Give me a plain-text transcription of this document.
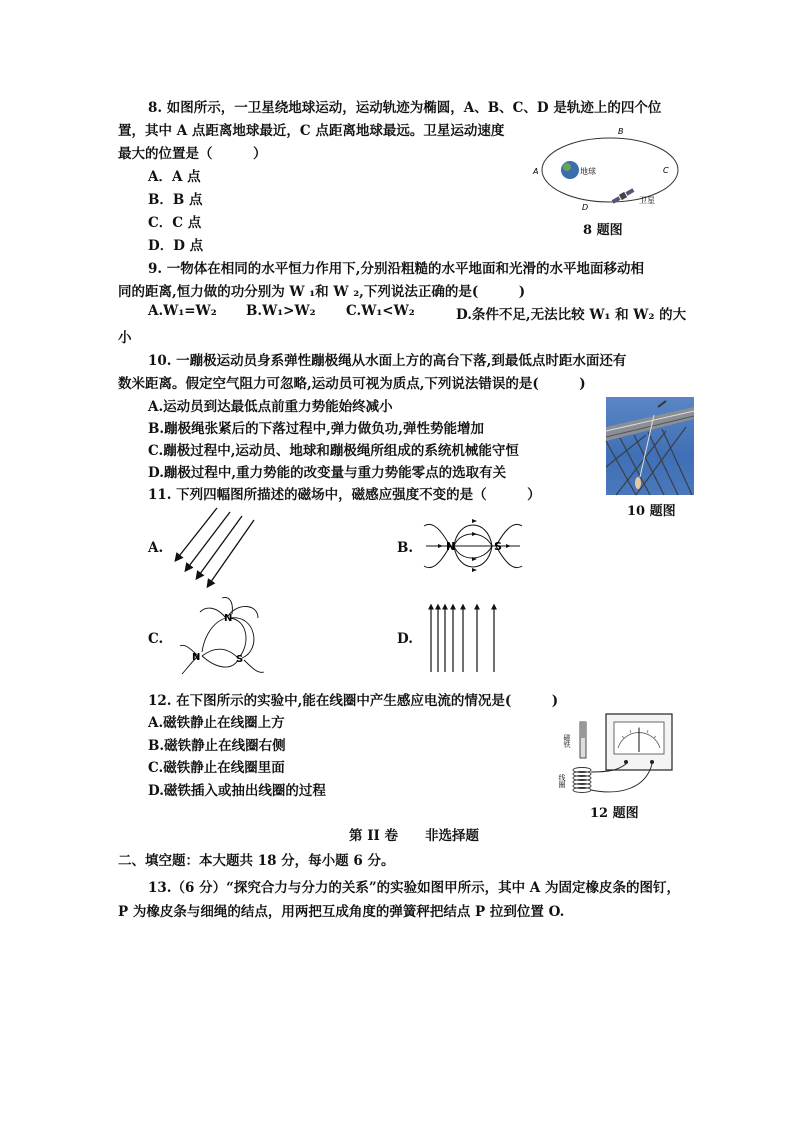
8. 如图所示，一卫星绕地球运动，运动轨迹为椭圆，A、B、C、D 是轨迹上的四个位
置，其中 A 点距离地球最近，C 点距离地球最远。卫星运动速度
最大的位置是（　　　）
A．A 点
B．B 点
C．C 点
D．D 点
A
B
C
D
地球
卫星
8 题图
9. 一物体在相同的水平恒力作用下,分别沿粗糙的水平地面和光滑的水平地面移动相
同的距离,恒力做的功分别为 W ₁和 W ₂,下列说法正确的是(　　　)
A.W₁=W₂ B.W₁>W₂ C.W₁<W₂	D.条件不足,无法比较 W₁ 和 W₂ 的大
小
10. 一蹦极运动员身系弹性蹦极绳从水面上方的高台下落,到最低点时距水面还有
数米距离。假定空气阻力可忽略,运动员可视为质点,下列说法错误的是(　　　)
A.运动员到达最低点前重力势能始终减小
B.蹦极绳张紧后的下落过程中,弹力做负功,弹性势能增加
C.蹦极过程中,运动员、地球和蹦极绳所组成的系统机械能守恒
D.蹦极过程中,重力势能的改变量与重力势能零点的选取有关
10 题图
11. 下列四幅图所描述的磁场中，磁感应强度不变的是（　　　）
A.	B.
C.	D.
N	S
N
N	S
12. 在下图所示的实验中,能在线圈中产生感应电流的情况是(　　　)
A.磁铁静止在线圈上方
B.磁铁静止在线圈右侧
C.磁铁静止在线圈里面
D.磁铁插入或抽出线圈的过程
磁铁
线圈
12 题图
第 II 卷　　非选择题
二、填空题：本大题共 18 分，每小题 6 分。
13.（6 分）“探究合力与分力的关系”的实验如图甲所示，其中 A 为固定橡皮条的图钉，
P 为橡皮条与细绳的结点，用两把互成角度的弹簧秤把结点 P 拉到位置 O.
